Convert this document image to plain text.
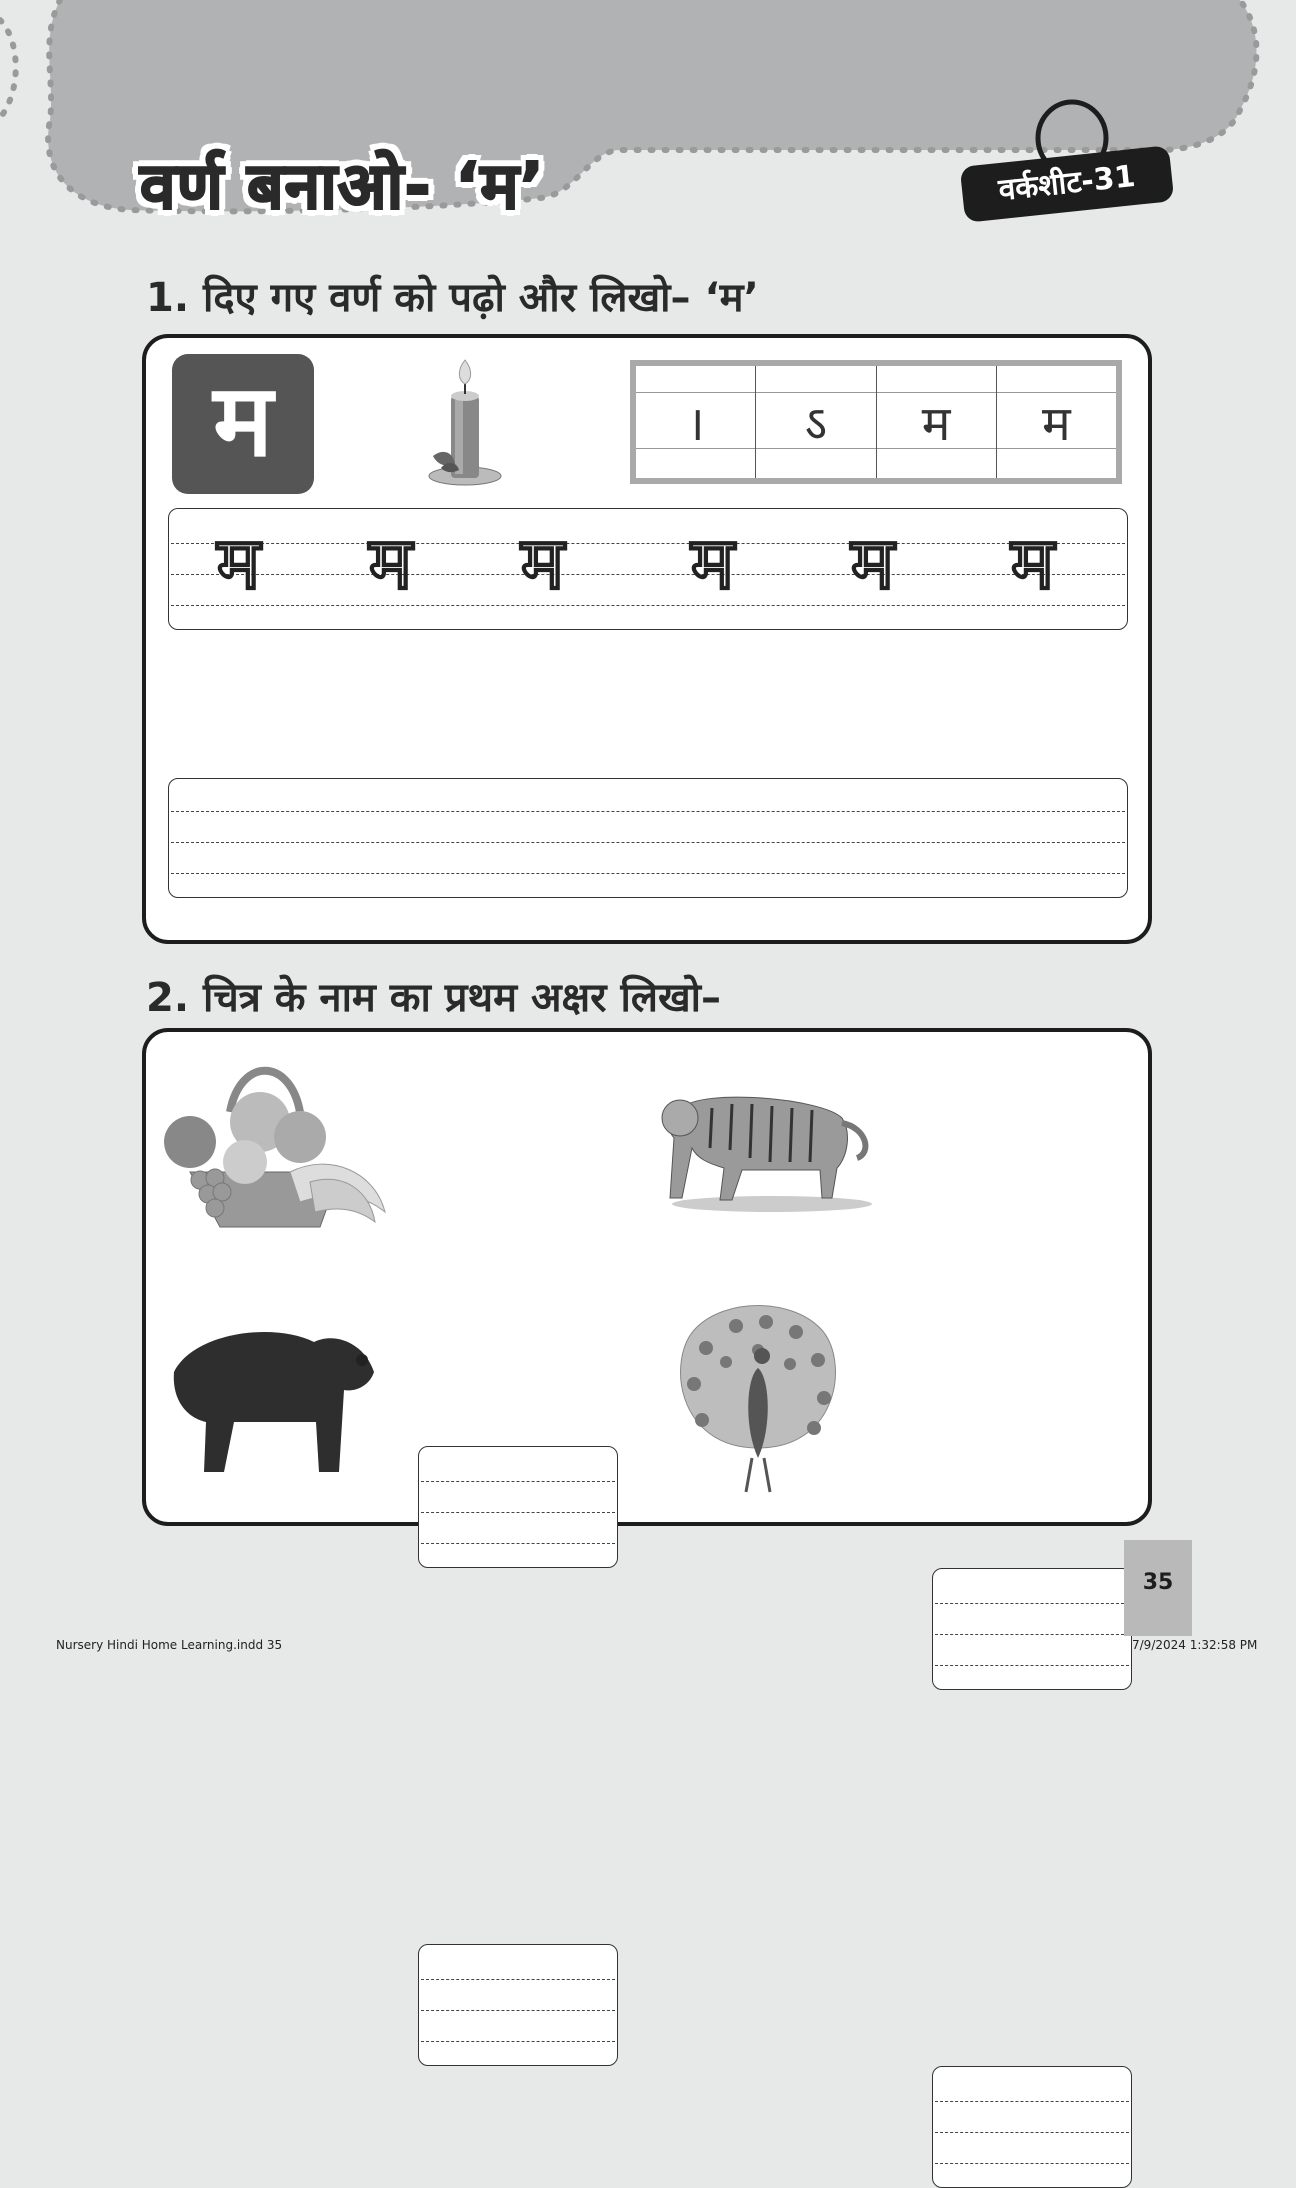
वर्ण बनाओ- ‘म’	वर्कशीट-31
1. दिए गए वर्ण को पढ़ो और लिखो– ‘म’
म	।	ऽ	म	म
म म म म म म
2. चित्र के नाम का प्रथम अक्षर लिखो–
35
Nursery Hindi Home Learning.indd 35	7/9/2024 1:32:58 PM
